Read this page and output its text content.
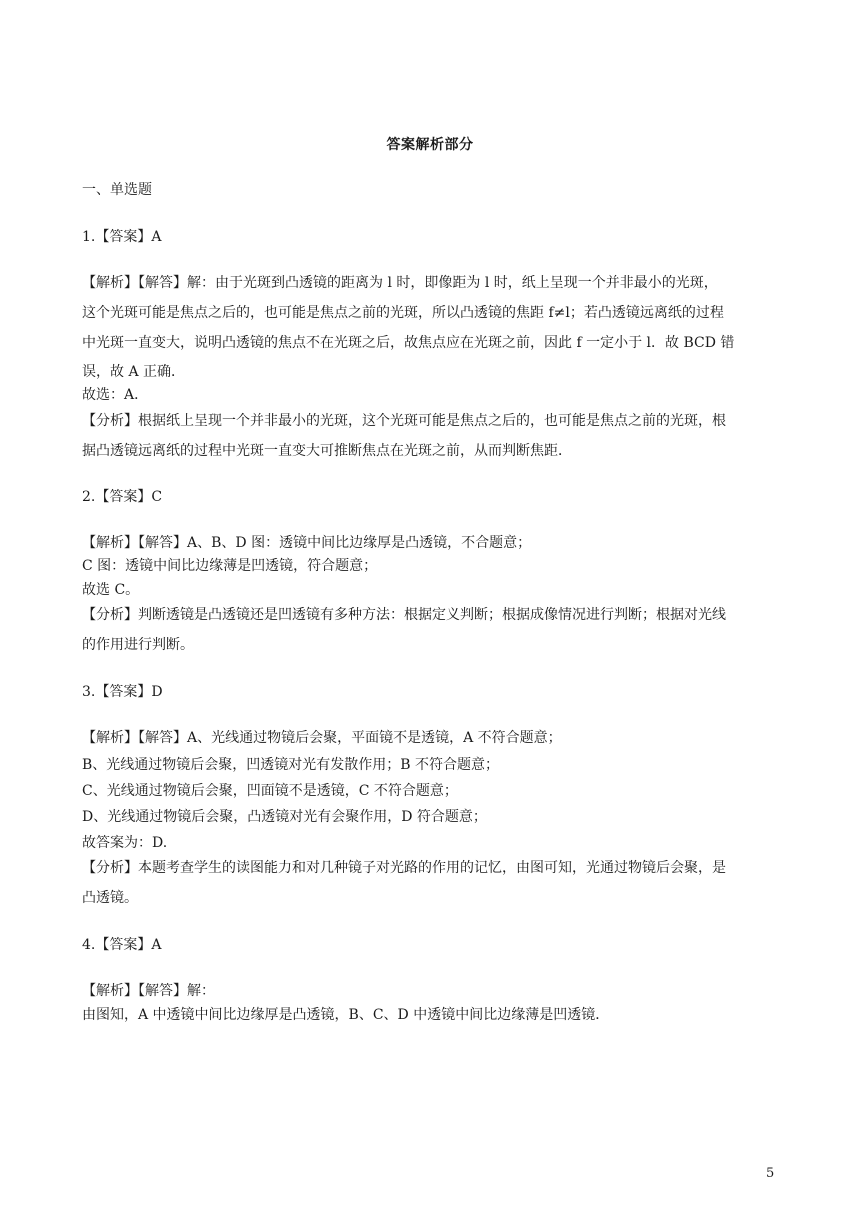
答案解析部分
一、单选题
1.【答案】A
【解析】【解答】解：由于光斑到凸透镜的距离为 l 时，即像距为 l 时，纸上呈现一个并非最小的光斑，
这个光斑可能是焦点之后的，也可能是焦点之前的光斑，所以凸透镜的焦距 f≠l；若凸透镜远离纸的过程
中光斑一直变大，说明凸透镜的焦点不在光斑之后，故焦点应在光斑之前，因此 f 一定小于 l．故 BCD 错
误，故 A 正确．
故选：A．
【分析】根据纸上呈现一个并非最小的光斑，这个光斑可能是焦点之后的，也可能是焦点之前的光斑，根
据凸透镜远离纸的过程中光斑一直变大可推断焦点在光斑之前，从而判断焦距．
2.【答案】C
【解析】【解答】A、B、D 图：透镜中间比边缘厚是凸透镜，不合题意；
C 图：透镜中间比边缘薄是凹透镜，符合题意；
故选 C。
【分析】判断透镜是凸透镜还是凹透镜有多种方法：根据定义判断；根据成像情况进行判断；根据对光线
的作用进行判断。
3.【答案】D
【解析】【解答】A、光线通过物镜后会聚，平面镜不是透镜，A 不符合题意；
B、光线通过物镜后会聚，凹透镜对光有发散作用；B 不符合题意；
C、光线通过物镜后会聚，凹面镜不是透镜，C 不符合题意；
D、光线通过物镜后会聚，凸透镜对光有会聚作用，D 符合题意；
故答案为：D.
【分析】本题考查学生的读图能力和对几种镜子对光路的作用的记忆，由图可知，光通过物镜后会聚，是
凸透镜。
4.【答案】A
【解析】【解答】解：
由图知，A 中透镜中间比边缘厚是凸透镜，B、C、D 中透镜中间比边缘薄是凹透镜．
5
